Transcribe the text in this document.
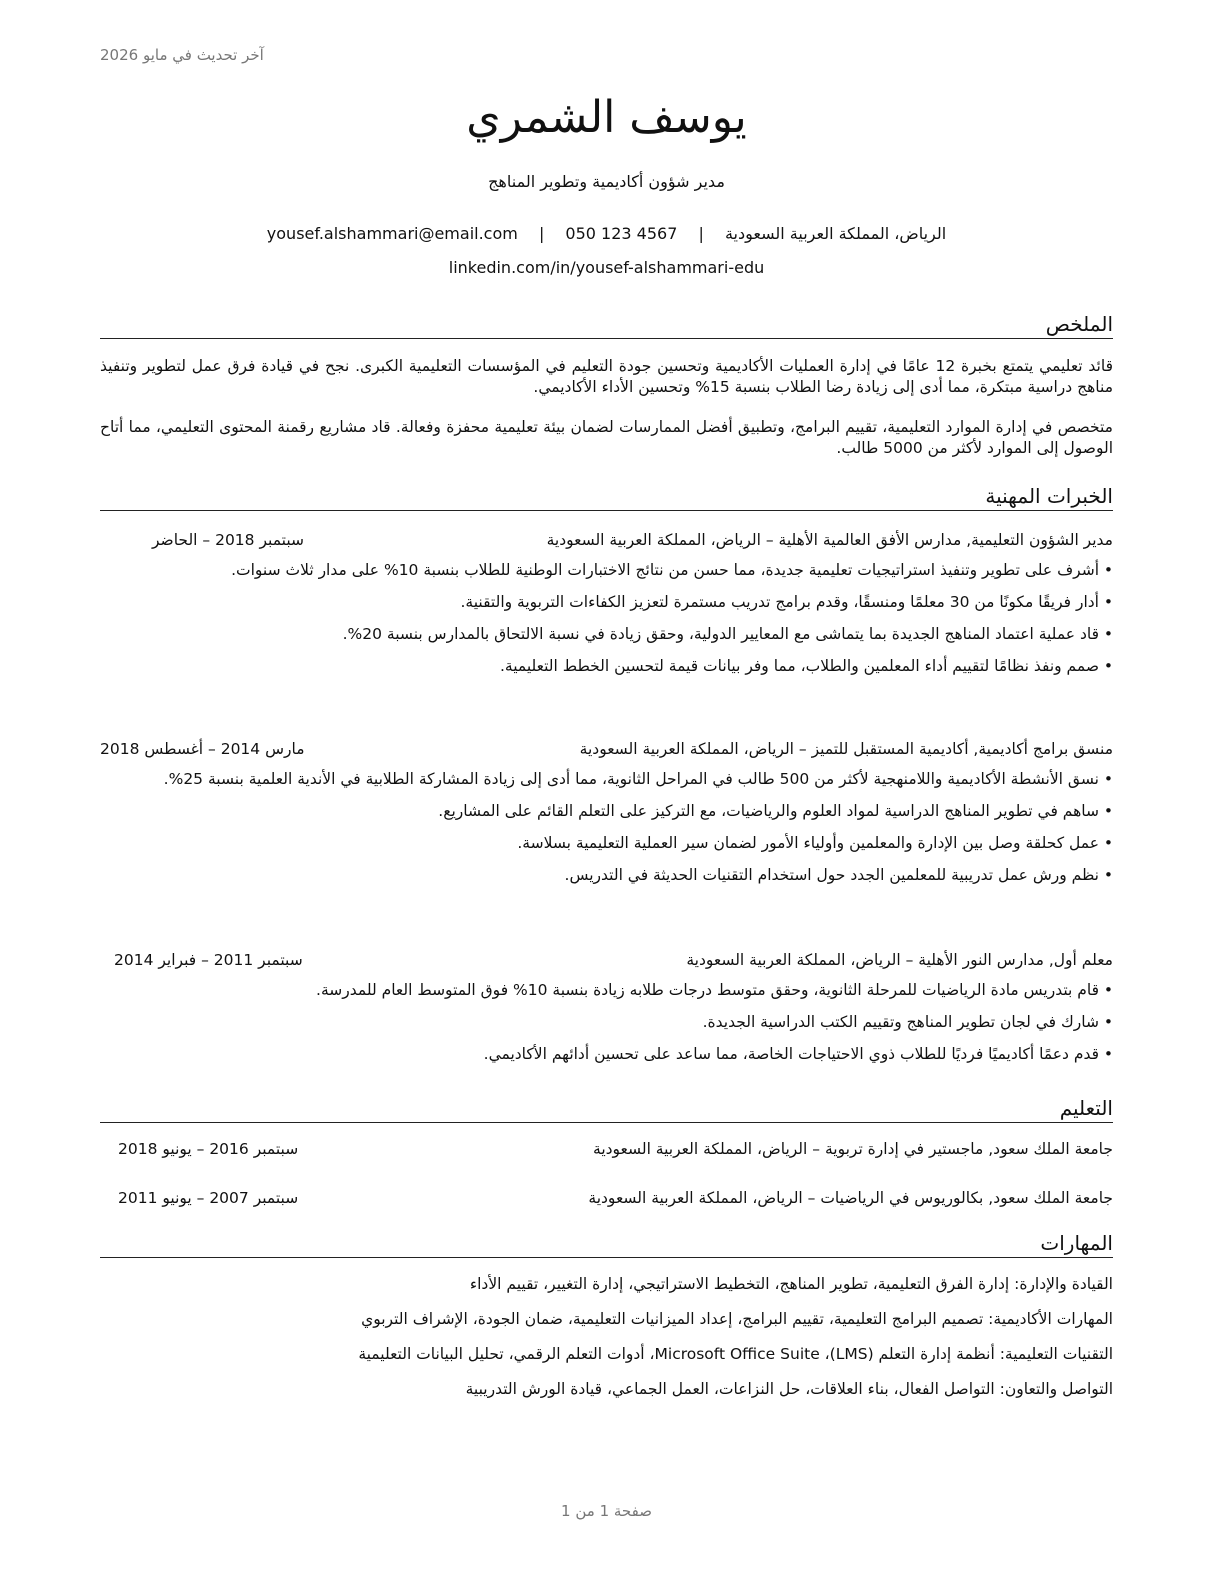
آخر تحديث في مايو 2026
يوسف الشمري
مدير شؤون أكاديمية وتطوير المناهج
الرياض، المملكة العربية السعودية | yousef.alshammari@email.com | 050 123 4567
linkedin.com/in/yousef-alshammari-edu
الملخص
قائد تعليمي يتمتع بخبرة 12 عامًا في إدارة العمليات الأكاديمية وتحسين جودة التعليم في المؤسسات التعليمية الكبرى. نجح في قيادة فرق عمل لتطوير وتنفيذ مناهج دراسية مبتكرة، مما أدى إلى زيادة رضا الطلاب بنسبة 15% وتحسين الأداء الأكاديمي.
متخصص في إدارة الموارد التعليمية، تقييم البرامج، وتطبيق أفضل الممارسات لضمان بيئة تعليمية محفزة وفعالة. قاد مشاريع رقمنة المحتوى التعليمي، مما أتاح الوصول إلى الموارد لأكثر من 5000 طالب.
الخبرات المهنية
مدير الشؤون التعليمية, مدارس الأفق العالمية الأهلية – الرياض، المملكة العربية السعودية
سبتمبر 2018 – الحاضر
• أشرف على تطوير وتنفيذ استراتيجيات تعليمية جديدة، مما حسن من نتائج الاختبارات الوطنية للطلاب بنسبة 10% على مدار ثلاث سنوات.
• أدار فريقًا مكونًا من 30 معلمًا ومنسقًا، وقدم برامج تدريب مستمرة لتعزيز الكفاءات التربوية والتقنية.
• قاد عملية اعتماد المناهج الجديدة بما يتماشى مع المعايير الدولية، وحقق زيادة في نسبة الالتحاق بالمدارس بنسبة 20%.
• صمم ونفذ نظامًا لتقييم أداء المعلمين والطلاب، مما وفر بيانات قيمة لتحسين الخطط التعليمية.
منسق برامج أكاديمية, أكاديمية المستقبل للتميز – الرياض، المملكة العربية السعودية
مارس 2014 – أغسطس 2018
• نسق الأنشطة الأكاديمية واللامنهجية لأكثر من 500 طالب في المراحل الثانوية، مما أدى إلى زيادة المشاركة الطلابية في الأندية العلمية بنسبة 25%.
• ساهم في تطوير المناهج الدراسية لمواد العلوم والرياضيات، مع التركيز على التعلم القائم على المشاريع.
• عمل كحلقة وصل بين الإدارة والمعلمين وأولياء الأمور لضمان سير العملية التعليمية بسلاسة.
• نظم ورش عمل تدريبية للمعلمين الجدد حول استخدام التقنيات الحديثة في التدريس.
معلم أول, مدارس النور الأهلية – الرياض، المملكة العربية السعودية
سبتمبر 2011 – فبراير 2014
• قام بتدريس مادة الرياضيات للمرحلة الثانوية، وحقق متوسط درجات طلابه زيادة بنسبة 10% فوق المتوسط العام للمدرسة.
• شارك في لجان تطوير المناهج وتقييم الكتب الدراسية الجديدة.
• قدم دعمًا أكاديميًا فرديًا للطلاب ذوي الاحتياجات الخاصة، مما ساعد على تحسين أدائهم الأكاديمي.
التعليم
جامعة الملك سعود, ماجستير في إدارة تربوية – الرياض، المملكة العربية السعودية
سبتمبر 2016 – يونيو 2018
جامعة الملك سعود, بكالوريوس في الرياضيات – الرياض، المملكة العربية السعودية
سبتمبر 2007 – يونيو 2011
المهارات
القيادة والإدارة: إدارة الفرق التعليمية، تطوير المناهج، التخطيط الاستراتيجي، إدارة التغيير، تقييم الأداء
المهارات الأكاديمية: تصميم البرامج التعليمية، تقييم البرامج، إعداد الميزانيات التعليمية، ضمان الجودة، الإشراف التربوي
التقنيات التعليمية: أنظمة إدارة التعلم (LMS)، Microsoft Office Suite، أدوات التعلم الرقمي، تحليل البيانات التعليمية
التواصل والتعاون: التواصل الفعال، بناء العلاقات، حل النزاعات، العمل الجماعي، قيادة الورش التدريبية
صفحة 1 من 1
